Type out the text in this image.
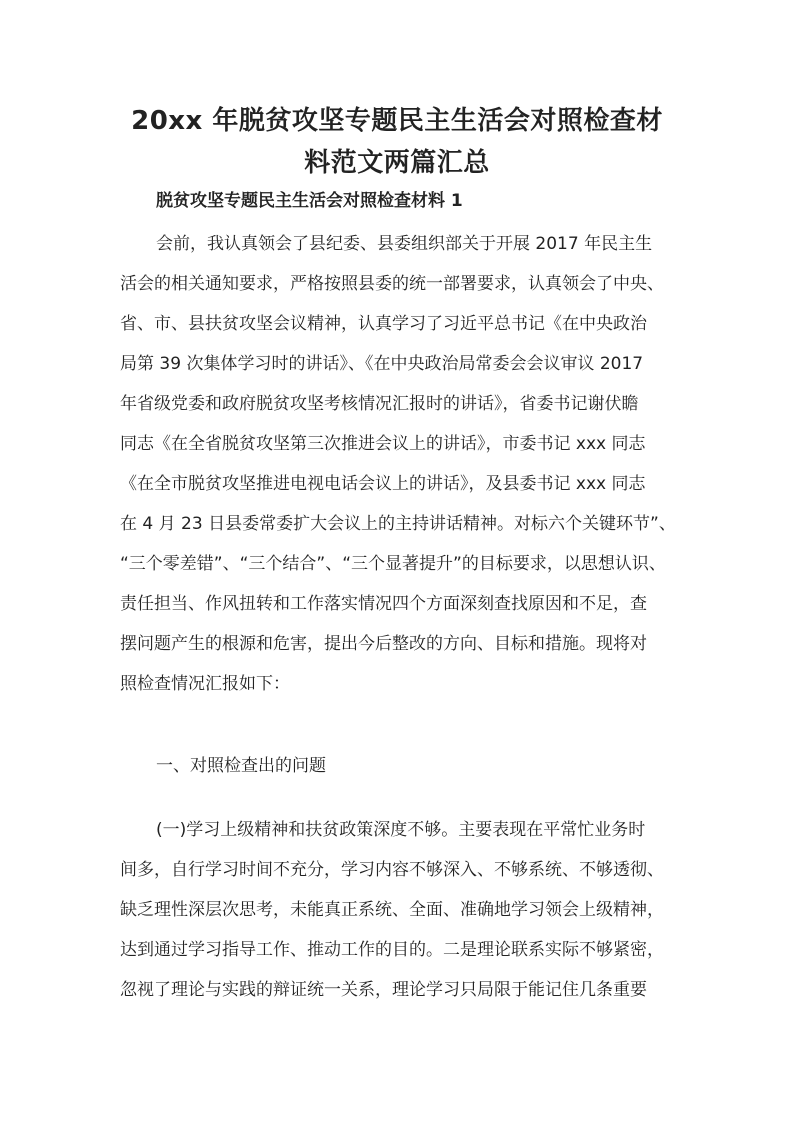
20xx 年脱贫攻坚专题民主生活会对照检查材
料范文两篇汇总
脱贫攻坚专题民主生活会对照检查材料 1
会前，我认真领会了县纪委、县委组织部关于开展 2017 年民主生
活会的相关通知要求，严格按照县委的统一部署要求，认真领会了中央、
省、市、县扶贫攻坚会议精神，认真学习了习近平总书记《在中央政治
局第 39 次集体学习时的讲话》、《在中央政治局常委会会议审议 2017
年省级党委和政府脱贫攻坚考核情况汇报时的讲话》，省委书记谢伏瞻
同志《在全省脱贫攻坚第三次推进会议上的讲话》，市委书记 xxx 同志
《在全市脱贫攻坚推进电视电话会议上的讲话》，及县委书记 xxx 同志
在 4 月 23 日县委常委扩大会议上的主持讲话精神。对标六个关键环节”、
“三个零差错”、“三个结合”、“三个显著提升”的目标要求，以思想认识、
责任担当、作风扭转和工作落实情况四个方面深刻查找原因和不足，查
摆问题产生的根源和危害，提出今后整改的方向、目标和措施。现将对
照检查情况汇报如下：
一、对照检查出的问题
(一)学习上级精神和扶贫政策深度不够。主要表现在平常忙业务时
间多，自行学习时间不充分，学习内容不够深入、不够系统、不够透彻、
缺乏理性深层次思考，未能真正系统、全面、准确地学习领会上级精神，
达到通过学习指导工作、推动工作的目的。二是理论联系实际不够紧密，
忽视了理论与实践的辩证统一关系，理论学习只局限于能记住几条重要
